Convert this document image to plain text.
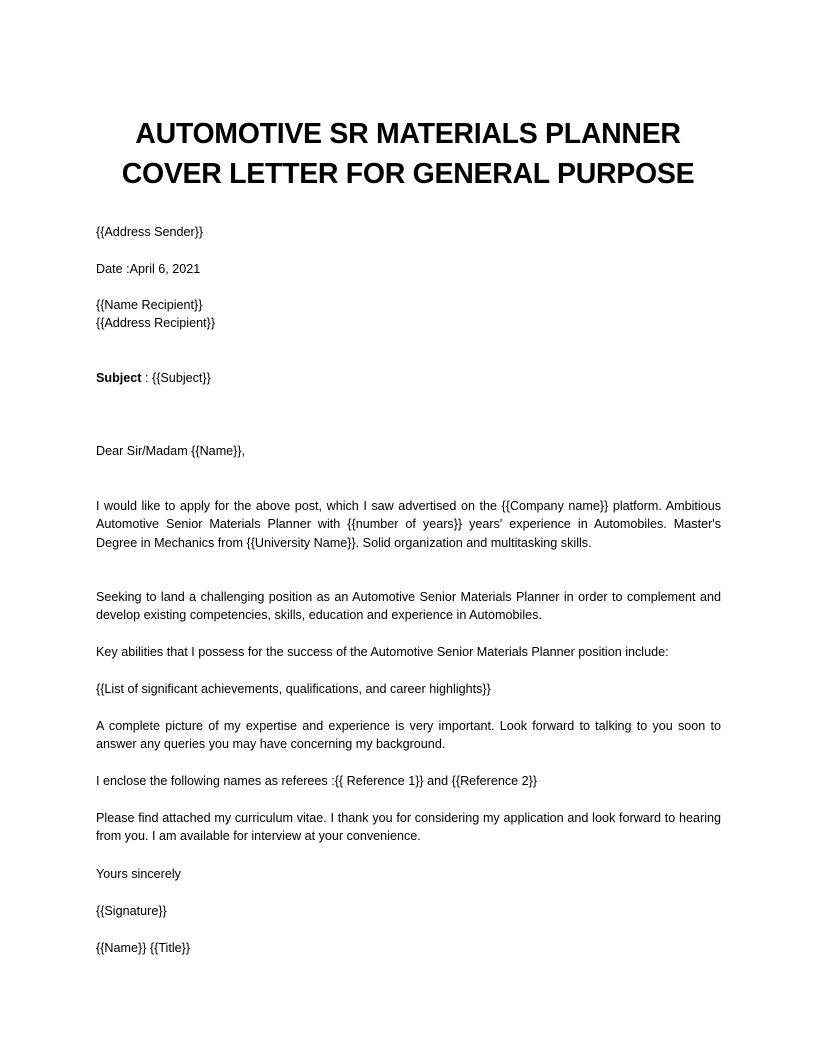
AUTOMOTIVE SR MATERIALS PLANNER
COVER LETTER FOR GENERAL PURPOSE
{{Address Sender}}
Date :April 6, 2021
{{Name Recipient}}
{{Address Recipient}}
Subject : {{Subject}}
Dear Sir/Madam {{Name}},
I would like to apply for the above post, which I saw advertised on the {{Company name}} platform. Ambitious Automotive Senior Materials Planner with {{number of years}} years' experience in Automobiles. Master's Degree in Mechanics from {{University Name}}. Solid organization and multitasking skills.
Seeking to land a challenging position as an Automotive Senior Materials Planner in order to complement and develop existing competencies, skills, education and experience in Automobiles.
Key abilities that I possess for the success of the Automotive Senior Materials Planner position include:
{{List of significant achievements, qualifications, and career highlights}}
A complete picture of my expertise and experience is very important. Look forward to talking to you soon to answer any queries you may have concerning my background.
I enclose the following names as referees :{{ Reference 1}} and {{Reference 2}}
Please find attached my curriculum vitae. I thank you for considering my application and look forward to hearing from you. I am available for interview at your convenience.
Yours sincerely
{{Signature}}
{{Name}} {{Title}}
